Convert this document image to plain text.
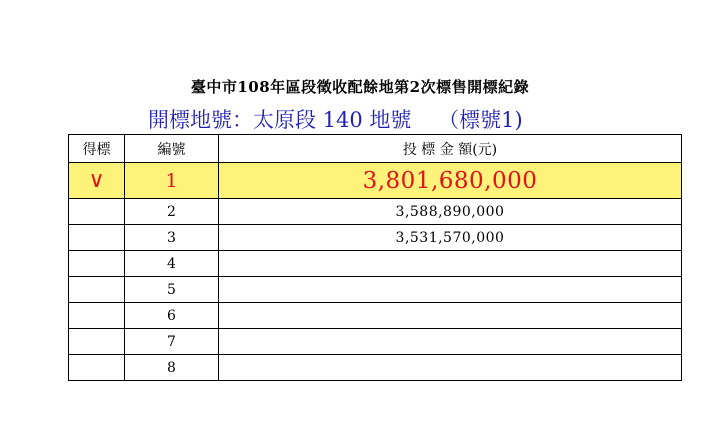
臺中市108年區段徵收配餘地第2次標售開標紀錄
開標地號：太原段 140 地號    （標號1)
得標	編號	投 標 金 額(元)
∨	1	3,801,680,000
	2	3,588,890,000
	3	3,531,570,000
	4	
	5	
	6	
	7	
	8	
